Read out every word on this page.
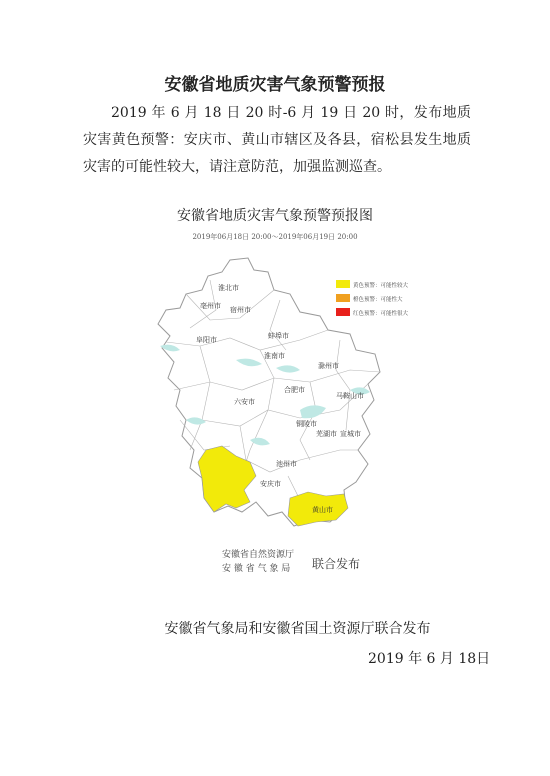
安徽省地质灾害气象预警预报

2019 年 6 月 18 日 20 时-6 月 19 日 20 时，发布地质灾害黄色预警：安庆市、黄山市辖区及各县，宿松县发生地质灾害的可能性较大，请注意防范，加强监测巡查。

安徽省地质灾害气象预警预报图
2019年06月18日 20:00～2019年06月19日 20:00
淮北市
亳州市 宿州市
阜阳市	蚌埠市
淮南市
滁州市
六安市
合肥市
马鞍山市
铜陵市
芜湖市 宣城市
池州市
安庆市
黄山市
黄色预警：可能性较大
橙色预警：可能性大
红色预警：可能性很大
安徽省自然资源厅
安 徽 省 气 象 局	联合发布
安徽省气象局和安徽省国土资源厅联合发布
2019 年 6 月 18日
